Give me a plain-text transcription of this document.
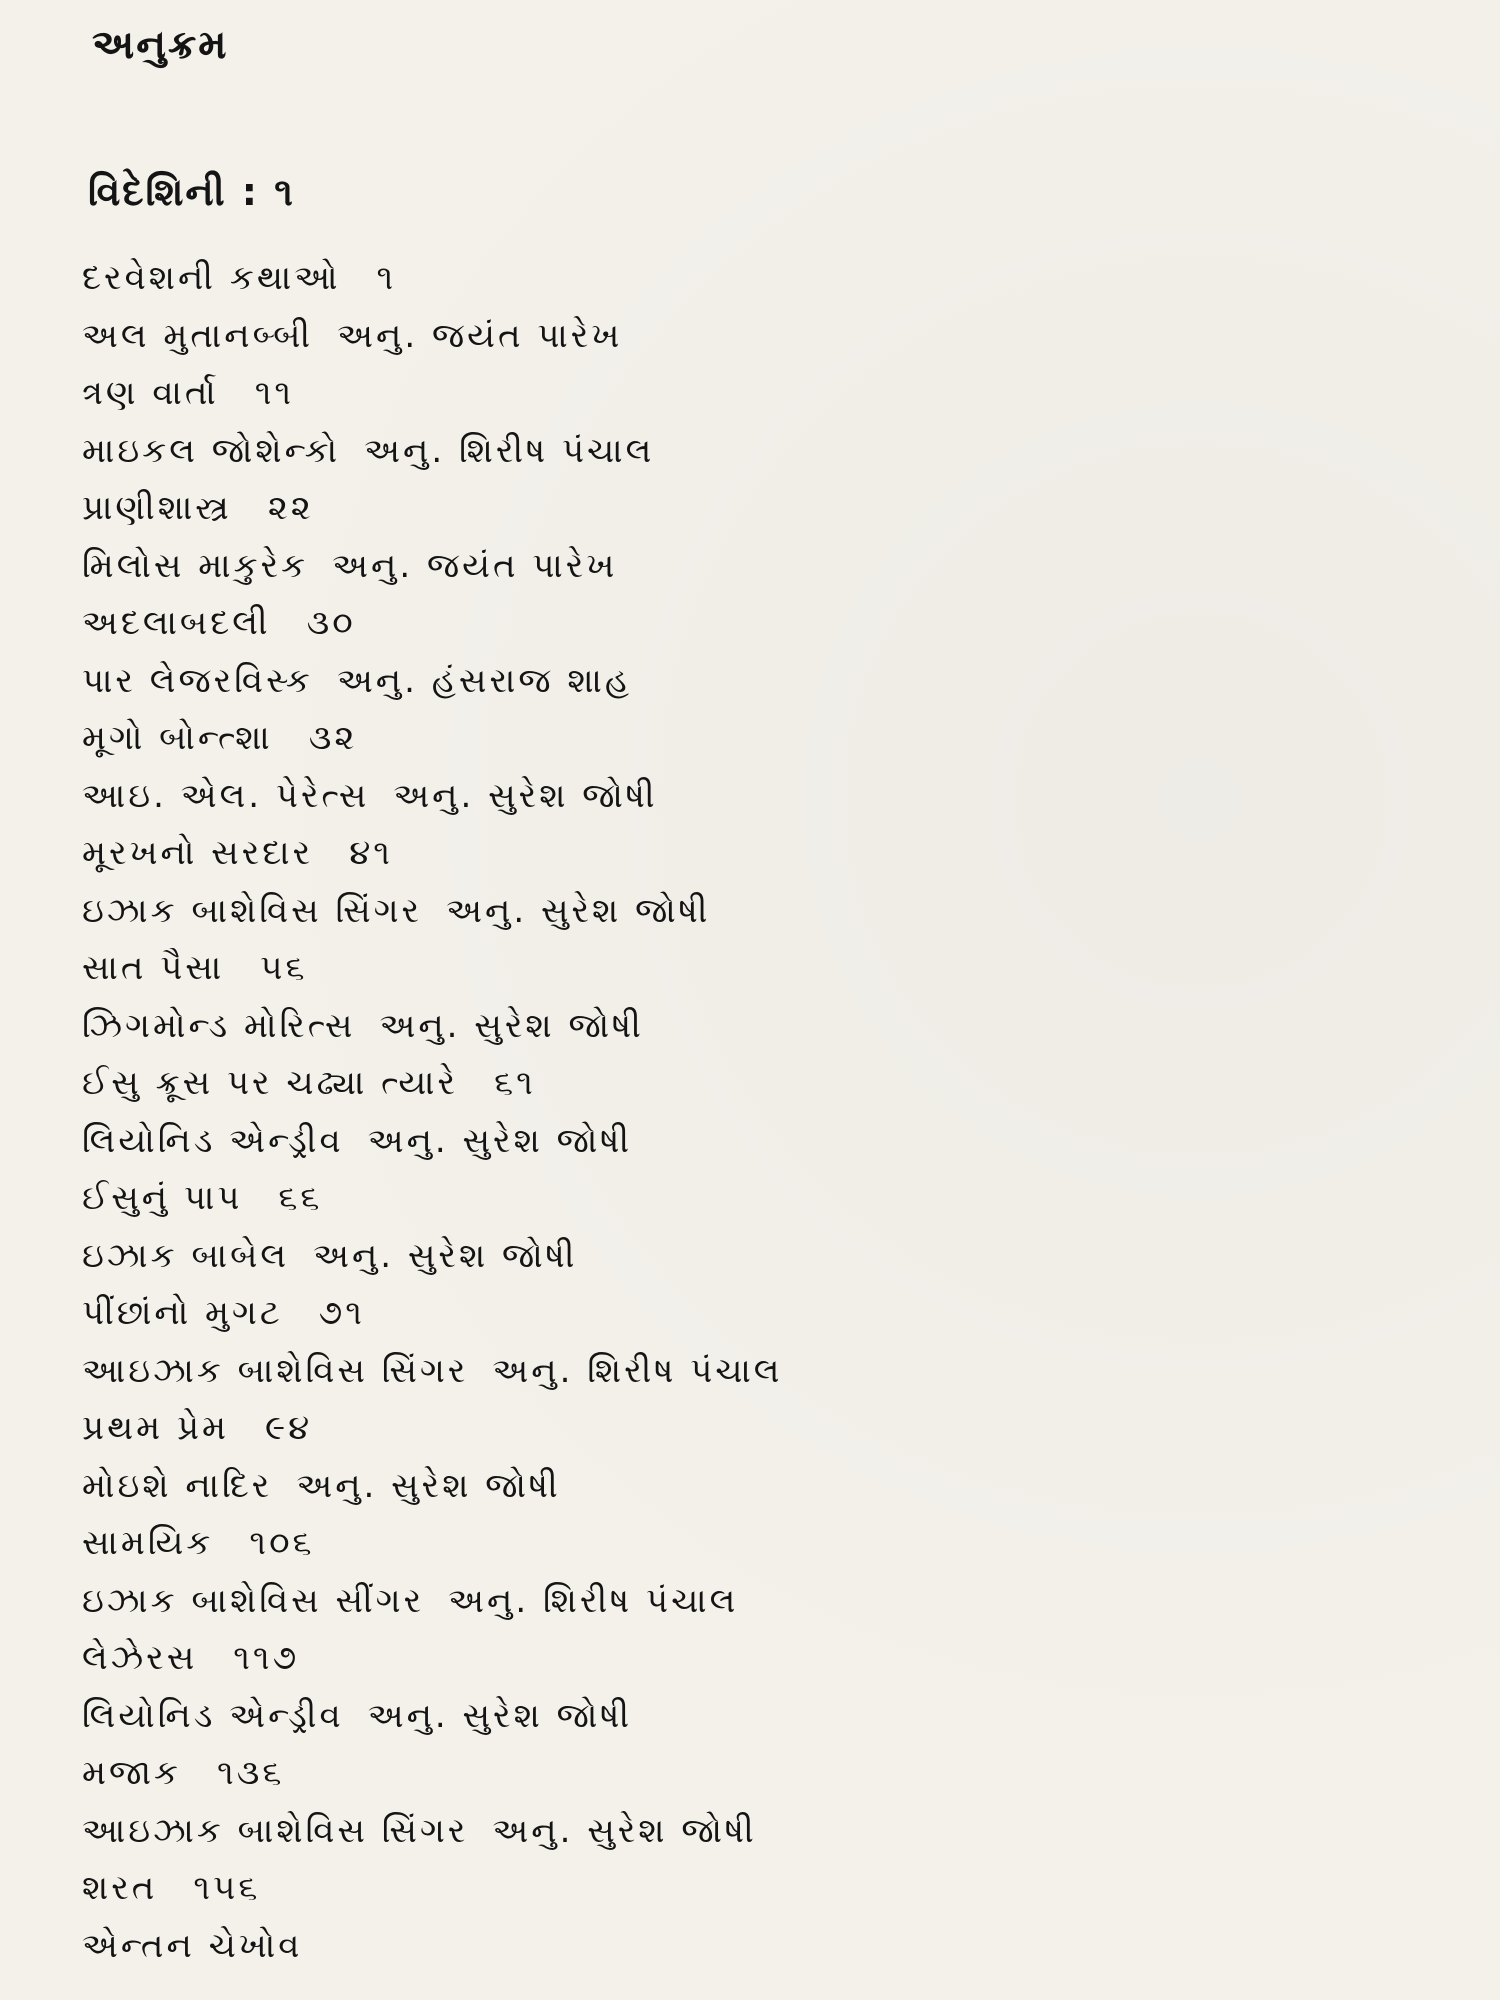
અનુક્રમ
વિદેશિની : ૧
દરવેશની કથાઓ ૧
અલ મુતાનબ્બી અનુ. જયંત પારેખ
ત્રણ વાર્તા ૧૧
માઇકલ જોશેન્કો અનુ. શિરીષ પંચાલ
પ્રાણીશાસ્ત્ર ૨૨
મિલોસ માકુરેક અનુ. જયંત પારેખ
અદલાબદલી ૩૦
પાર લેજરવિસ્ક અનુ. હંસરાજ શાહ
મૂગો બોન્ત્શા ૩૨
આઇ. એલ. પેરેત્સ અનુ. સુરેશ જોષી
મૂરખનો સરદાર ૪૧
ઇઝાક બાશેવિસ સિંગર અનુ. સુરેશ જોષી
સાત પૈસા ૫૬
ઝિગમોન્ડ મોરિત્સ અનુ. સુરેશ જોષી
ઈસુ ક્રૂસ પર ચઢ્યા ત્યારે ૬૧
લિયોનિડ એન્ડ્રીવ અનુ. સુરેશ જોષી
ઈસુનું પાપ ૬૬
ઇઝાક બાબેલ અનુ. સુરેશ જોષી
પીંછાંનો મુગટ ૭૧
આઇઝાક બાશેવિસ સિંગર અનુ. શિરીષ પંચાલ
પ્રથમ પ્રેમ ૯૪
મોઇશે નાદિર અનુ. સુરેશ જોષી
સામયિક ૧૦૬
ઇઝાક બાશેવિસ સીંગર અનુ. શિરીષ પંચાલ
લેઝેરસ ૧૧૭
લિયોનિડ એન્ડ્રીવ અનુ. સુરેશ જોષી
મજાક ૧૩૬
આઇઝાક બાશેવિસ સિંગર અનુ. સુરેશ જોષી
શરત ૧૫૬
એન્તન ચેખોવ
